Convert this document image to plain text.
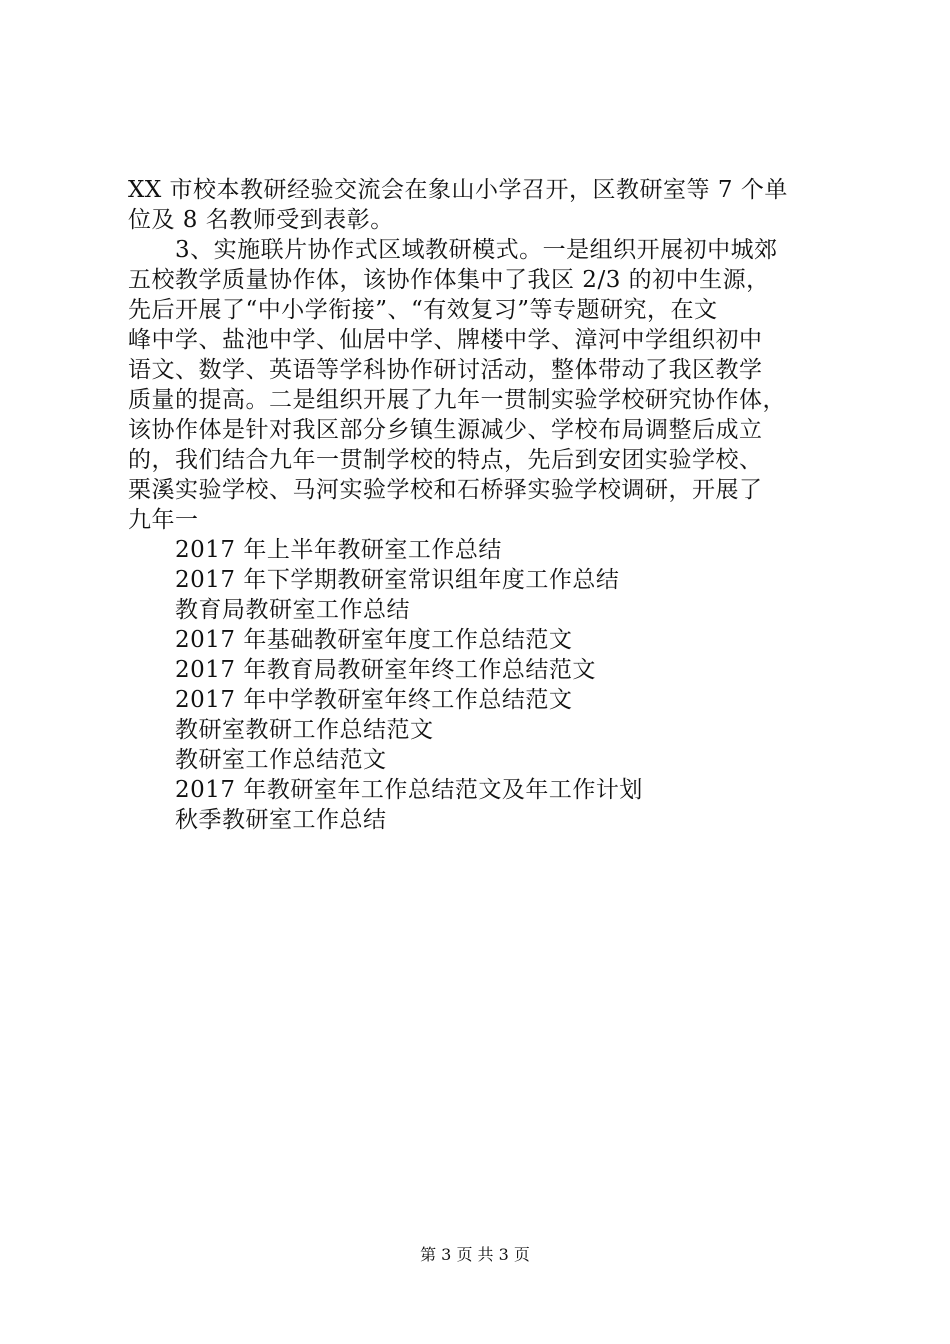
XX 市校本教研经验交流会在象山小学召开，区教研室等 7 个单
位及 8 名教师受到表彰。
3、实施联片协作式区域教研模式。一是组织开展初中城郊
五校教学质量协作体，该协作体集中了我区 2/3 的初中生源，
先后开展了“中小学衔接”、“有效复习”等专题研究，在文
峰中学、盐池中学、仙居中学、牌楼中学、漳河中学组织初中
语文、数学、英语等学科协作研讨活动，整体带动了我区教学
质量的提高。二是组织开展了九年一贯制实验学校研究协作体，
该协作体是针对我区部分乡镇生源减少、学校布局调整后成立
的，我们结合九年一贯制学校的特点，先后到安团实验学校、
栗溪实验学校、马河实验学校和石桥驿实验学校调研，开展了
九年一
2017 年上半年教研室工作总结
2017 年下学期教研室常识组年度工作总结
教育局教研室工作总结
2017 年基础教研室年度工作总结范文
2017 年教育局教研室年终工作总结范文
2017 年中学教研室年终工作总结范文
教研室教研工作总结范文
教研室工作总结范文
2017 年教研室年工作总结范文及年工作计划
秋季教研室工作总结
第 3 页 共 3 页
